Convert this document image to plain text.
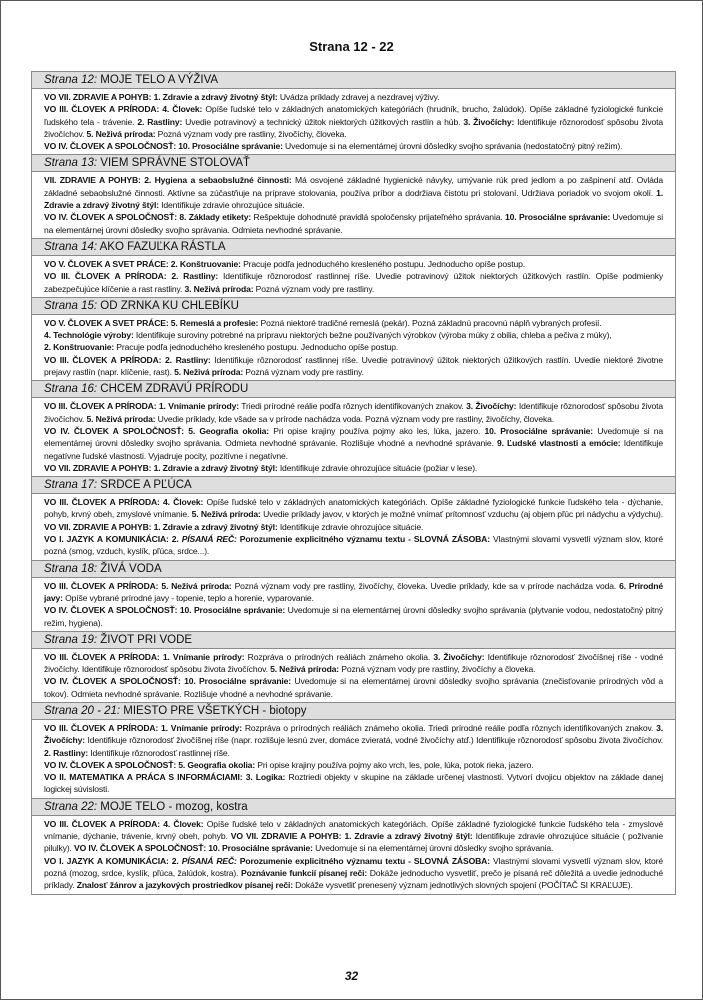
Strana 12 - 22
Strana 12: MOJE TELO A VÝŽIVA

VO VII. ZDRAVIE A POHYB: 1. Zdravie a zdravý životný štýl: Uvádza príklady zdravej a nezdravej výživy.

VO III. ČLOVEK A PRÍRODA: 4. Človek: Opíše ľudské telo v základných anatomických kategóriách (hrudník, brucho, žalúdok). Opíše základné fyziologické funkcie ľudského tela - trávenie. 2. Rastliny: Uvedie potravinový a technický úžitok niektorých úžitkových rastlín a húb. 3. Živočíchy: Identifikuje rôznorodosť spôsobu života živočíchov. 5. Neživá príroda: Pozná význam vody pre rastliny, živočíchy, človeka.

VO IV. ČLOVEK A SPOLOČNOSŤ: 10. Prosociálne správanie: Uvedomuje si na elementárnej úrovni dôsledky svojho správania (nedostatočný pitný režim).

Strana 13: VIEM SPRÁVNE STOLOVAŤ

VII. ZDRAVIE A POHYB: 2. Hygiena a sebaobslužné činnosti: Má osvojené základné hygienické návyky, umývanie rúk pred jedlom a po zašpinení atď. Ovláda základné sebaobslužné činnosti. Aktívne sa zúčastňuje na príprave stolovania, používa príbor a dodržiava čistotu pri stolovaní. Udržiava poriadok vo svojom okolí. 1. Zdravie a zdravý životný štýl: Identifikuje zdravie ohrozujúce situácie.

VO IV. ČLOVEK A SPOLOČNOSŤ: 8. Základy etikety: Rešpektuje dohodnuté pravidlá spoločensky prijateľného správania. 10. Prosociálne správanie: Uvedomuje si na elementárnej úrovni dôsledky svojho správania. Odmieta nevhodné správanie.

Strana 14: AKO FAZUĽKA RÁSTLA

VO V. ČLOVEK A SVET PRÁCE: 2. Konštruovanie: Pracuje podľa jednoduchého kresleného postupu. Jednoducho opíše postup.

VO III. ČLOVEK A PRÍRODA: 2. Rastliny: Identifikuje rôznorodosť rastlinnej ríše. Uvedie potravinový úžitok niektorých úžitkových rastlín. Opíše podmienky zabezpečujúce klíčenie a rast rastliny. 3. Neživá príroda: Pozná význam vody pre rastliny.

Strana 15: OD ZRNKA KU CHLEBÍKU

VO V. ČLOVEK A SVET PRÁCE: 5. Remeslá a profesie: Pozná niektoré tradičné remeslá (pekár). Pozná základnú pracovnú náplň vybraných profesií.

4. Technológie výroby: Identifikuje suroviny potrebné na prípravu niektorých bežne používaných výrobkov (výroba múky z obilia, chleba a pečiva z múky),

2. Konštruovanie: Pracuje podľa jednoduchého kresleného postupu. Jednoducho opíše postup.

VO III. ČLOVEK A PRÍRODA: 2. Rastliny: Identifikuje rôznorodosť rastlinnej ríše. Uvedie potravinový úžitok niektorých úžitkových rastlín. Uvedie niektoré životne prejavy rastlín (napr. klíčenie, rast). 5. Neživá príroda: Pozná význam vody pre rastliny.

Strana 16: CHCEM ZDRAVÚ PRÍRODU

VO III. ČLOVEK A PRÍRODA: 1. Vnímanie prírody: Triedi prírodné reálie podľa rôznych identifikovaných znakov. 3. Živočíchy: Identifikuje rôznorodosť spôsobu života živočíchov. 5. Neživá príroda: Uvedie príklady, kde všade sa v prírode nachádza voda. Pozná význam vody pre rastliny, živočíchy, človeka.

VO IV. ČLOVEK A SPOLOČNOSŤ: 5. Geografia okolia: Pri opise krajiny používa pojmy ako les, lúka, jazero. 10. Prosociálne správanie: Uvedomuje si na elementárnej úrovni dôsledky svojho správania. Odmieta nevhodné správanie. Rozlišuje vhodné a nevhodné správanie. 9. Ľudské vlastnosti a emócie: Identifikuje negatívne ľudské vlastnosti. Vyjadruje pocity, pozitívne i negatívne.

VO VII. ZDRAVIE A POHYB: 1. Zdravie a zdravý životný štýl: Identifikuje zdravie ohrozujúce situácie (požiar v lese).

Strana 17: SRDCE A PĽÚCA

VO III. ČLOVEK A PRÍRODA: 4. Človek: Opíše ľudské telo v základných anatomických kategóriách. Opíše základné fyziologické funkcie ľudského tela - dýchanie, pohyb, krvný obeh, zmyslové vnímanie. 5. Neživá príroda: Uvedie príklady javov, v ktorých je možné vnímať prítomnosť vzduchu (aj objem pľúc pri nádychu a výdychu). VO VII. ZDRAVIE A POHYB: 1. Zdravie a zdravý životný štýl: Identifikuje zdravie ohrozujúce situácie.

VO I. JAZYK A KOMUNIKÁCIA: 2. PÍSANÁ REČ: Porozumenie explicitného významu textu - SLOVNÁ ZÁSOBA: Vlastnými slovami vysvetlí význam slov, ktoré pozná (smog, vzduch, kyslík, pľúca, srdce...).

Strana 18: ŽIVÁ VODA

VO III. ČLOVEK A PRÍRODA: 5. Neživá príroda: Pozná význam vody pre rastliny, živočíchy, človeka. Uvedie príklady, kde sa v prírode nachádza voda. 6. Prírodné javy: Opíše vybrané prírodné javy - topenie, teplo a horenie, vyparovanie.

VO IV. ČLOVEK A SPOLOČNOSŤ: 10. Prosociálne správanie: Uvedomuje si na elementárnej úrovni dôsledky svojho správania (plytvanie vodou, nedostatočný pitný režim, hygiena).

Strana 19: ŽIVOT PRI VODE

VO III. ČLOVEK A PRÍRODA: 1. Vnímanie prírody: Rozpráva o prírodných reáliách známeho okolia. 3. Živočíchy: Identifikuje rôznorodosť živočíšnej ríše - vodné živočíchy. Identifikuje rôznorodosť spôsobu života živočíchov. 5. Neživá príroda: Pozná význam vody pre rastliny, živočíchy a človeka.

VO IV. ČLOVEK A SPOLOČNOSŤ: 10. Prosociálne správanie: Uvedomuje si na elementárnej úrovni dôsledky svojho správania (znečisťovanie prírodných vôd a tokov). Odmieta nevhodné správanie. Rozlišuje vhodné a nevhodné správanie.

Strana 20 - 21: MIESTO PRE VŠETKÝCH - biotopy

VO III. ČLOVEK A PRÍRODA: 1. Vnímanie prírody: Rozpráva o prírodných reáliách známeho okolia. Triedi prírodné reálie podľa rôznych identifikovaných znakov. 3. Živočíchy: Identifikuje rôznorodosť živočíšnej ríše (napr. rozlišuje lesnú zver, domáce zvieratá, vodné živočíchy atď.) Identifikuje rôznorodosť spôsobu života živočíchov. 2. Rastliny: Identifikuje rôznorodosť rastlinnej ríše.

VO IV. ČLOVEK A SPOLOČNOSŤ: 5. Geografia okolia: Pri opise krajiny používa pojmy ako vrch, les, pole, lúka, potok rieka, jazero.

VO II. MATEMATIKA A PRÁCA S INFORMÁCIAMI: 3. Logika: Roztriedi objekty v skupine na základe určenej vlastnosti. Vytvorí dvojicu objektov na základe danej logickej súvislosti.

Strana 22: MOJE TELO - mozog, kostra

VO III. ČLOVEK A PRÍRODA: 4. Človek: Opíše ľudské telo v základných anatomických kategóriách. Opíše základné fyziologické funkcie ľudského tela - zmyslové vnímanie, dýchanie, trávenie, krvný obeh, pohyb. VO VII. ZDRAVIE A POHYB: 1. Zdravie a zdravý životný štýl: Identifikuje zdravie ohrozujúce situácie ( poživanie pilulky). VO IV. ČLOVEK A SPOLOČNOSŤ: 10. Prosociálne správanie: Uvedomuje si na elementárnej úrovni dôsledky svojho správania.

VO I. JAZYK A KOMUNIKÁCIA: 2. PÍSANÁ REČ: Porozumenie explicitného významu textu - SLOVNÁ ZÁSOBA: Vlastnými slovami vysvetlí význam slov, ktoré pozná (mozog, srdce, kyslík, pľúca, žalúdok, kostra). Poznávanie funkcií písanej reči: Dokáže jednoducho vysvetliť, prečo je písaná reč dôležitá a uvedie jednoduché príklady. Znalosť žánrov a jazykových prostriedkov písanej reči: Dokáže vysvetliť prenesený význam jednotlivých slovných spojení (POČÍTAČ SI KRAĽUJE).

32
